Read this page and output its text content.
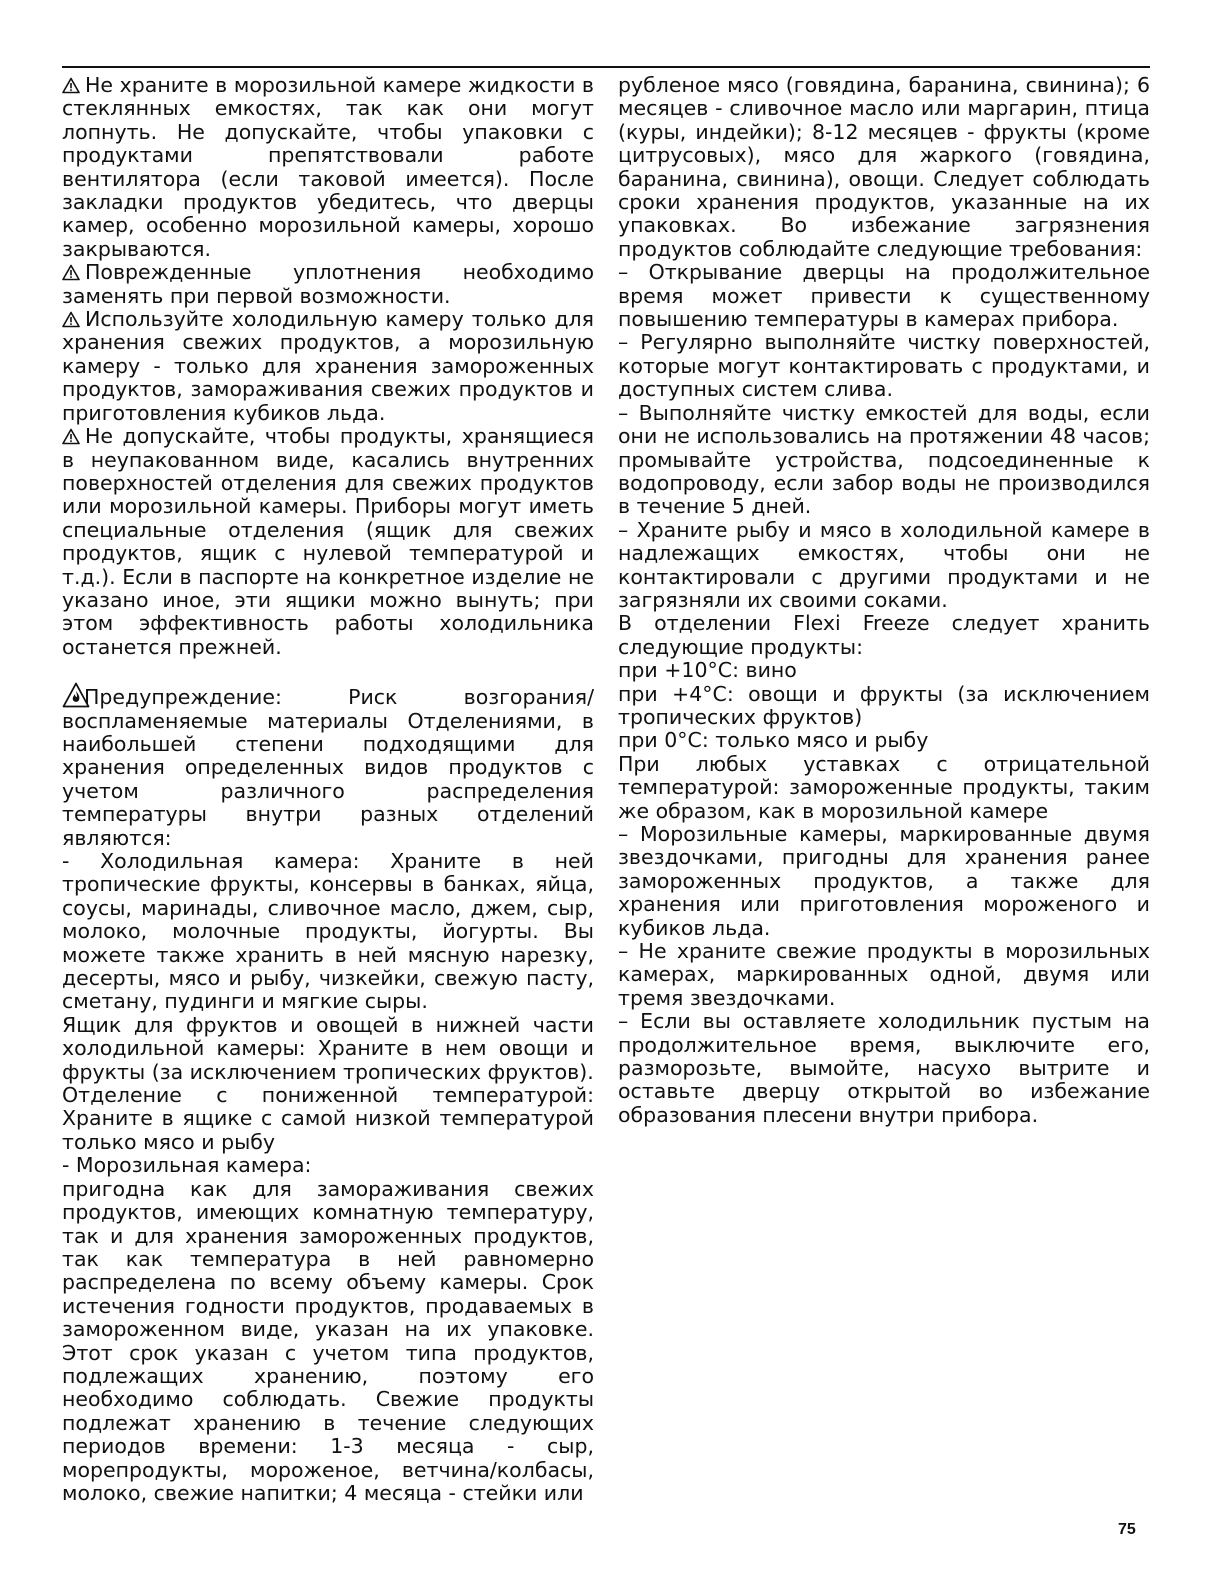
Не храните в морозильной камере жидкости в стеклянных емкостях, так как они могут лопнуть. Не допускайте, чтобы упаковки с продуктами препятствовали работе вентилятора (если таковой имеется). После закладки продуктов убедитесь, что дверцы камер, особенно морозильной камеры, хорошо закрываются.

Поврежденные уплотнения необходимо заменять при первой возможности.

Используйте холодильную камеру только для хранения свежих продуктов, а морозильную камеру - только для хранения замороженных продуктов, замораживания свежих продуктов и приготовления кубиков льда.

Не допускайте, чтобы продукты, хранящиеся в неупакованном виде, касались внутренних поверхностей отделения для свежих продуктов или морозильной камеры. Приборы могут иметь специальные отделения (ящик для свежих продуктов, ящик с нулевой температурой и т.д.). Если в паспорте на конкретное изделие не указано иное, эти ящики можно вынуть; при этом эффективность работы холодильника останется прежней.

Предупреждение: Риск возгорания/воспламеняемые материалы Отделениями, в наибольшей степени подходящими для хранения определенных видов продуктов с учетом различного распределения температуры внутри разных отделений являются:

- Холодильная камера: Храните в ней тропические фрукты, консервы в банках, яйца, соусы, маринады, сливочное масло, джем, сыр, молоко, молочные продукты, йогурты. Вы можете также хранить в ней мясную нарезку, десерты, мясо и рыбу, чизкейки, свежую пасту, сметану, пудинги и мягкие сыры.

Ящик для фруктов и овощей в нижней части холодильной камеры: Храните в нем овощи и фрукты (за исключением тропических фруктов).

Отделение с пониженной температурой: Храните в ящике с самой низкой температурой только мясо и рыбу

- Морозильная камера:

пригодна как для замораживания свежих продуктов, имеющих комнатную температуру, так и для хранения замороженных продуктов, так как температура в ней равномерно распределена по всему объему камеры. Срок истечения годности продуктов, продаваемых в замороженном виде, указан на их упаковке. Этот срок указан с учетом типа продуктов, подлежащих хранению, поэтому его необходимо соблюдать. Свежие продукты подлежат хранению в течение следующих периодов времени: 1-3 месяца - сыр, морепродукты, мороженое, ветчина/колбасы, молоко, свежие напитки; 4 месяца - стейки или

рубленое мясо (говядина, баранина, свинина); 6 месяцев - сливочное масло или маргарин, птица (куры, индейки); 8-12 месяцев - фрукты (кроме цитрусовых), мясо для жаркого (говядина, баранина, свинина), овощи. Следует соблюдать сроки хранения продуктов, указанные на их упаковках. Во избежание загрязнения продуктов соблюдайте следующие требования:

– Открывание дверцы на продолжительное время может привести к существенному повышению температуры в камерах прибора.

– Регулярно выполняйте чистку поверхностей, которые могут контактировать с продуктами, и доступных систем слива.

– Выполняйте чистку емкостей для воды, если они не использовались на протяжении 48 часов; промывайте устройства, подсоединенные к водопроводу, если забор воды не производился в течение 5 дней.

– Храните рыбу и мясо в холодильной камере в надлежащих емкостях, чтобы они не контактировали с другими продуктами и не загрязняли их своими соками.

В отделении Flexi Freeze следует хранить следующие продукты:

при +10°C: вино

при +4°C: овощи и фрукты (за исключением тропических фруктов)

при 0°C: только мясо и рыбу

При любых уставках с отрицательной температурой: замороженные продукты, таким же образом, как в морозильной камере

– Морозильные камеры, маркированные двумя звездочками, пригодны для хранения ранее замороженных продуктов, а также для хранения или приготовления мороженого и кубиков льда.

– Не храните свежие продукты в морозильных камерах, маркированных одной, двумя или тремя звездочками.

– Если вы оставляете холодильник пустым на продолжительное время, выключите его, разморозьте, вымойте, насухо вытрите и оставьте дверцу открытой во избежание образования плесени внутри прибора.

75
